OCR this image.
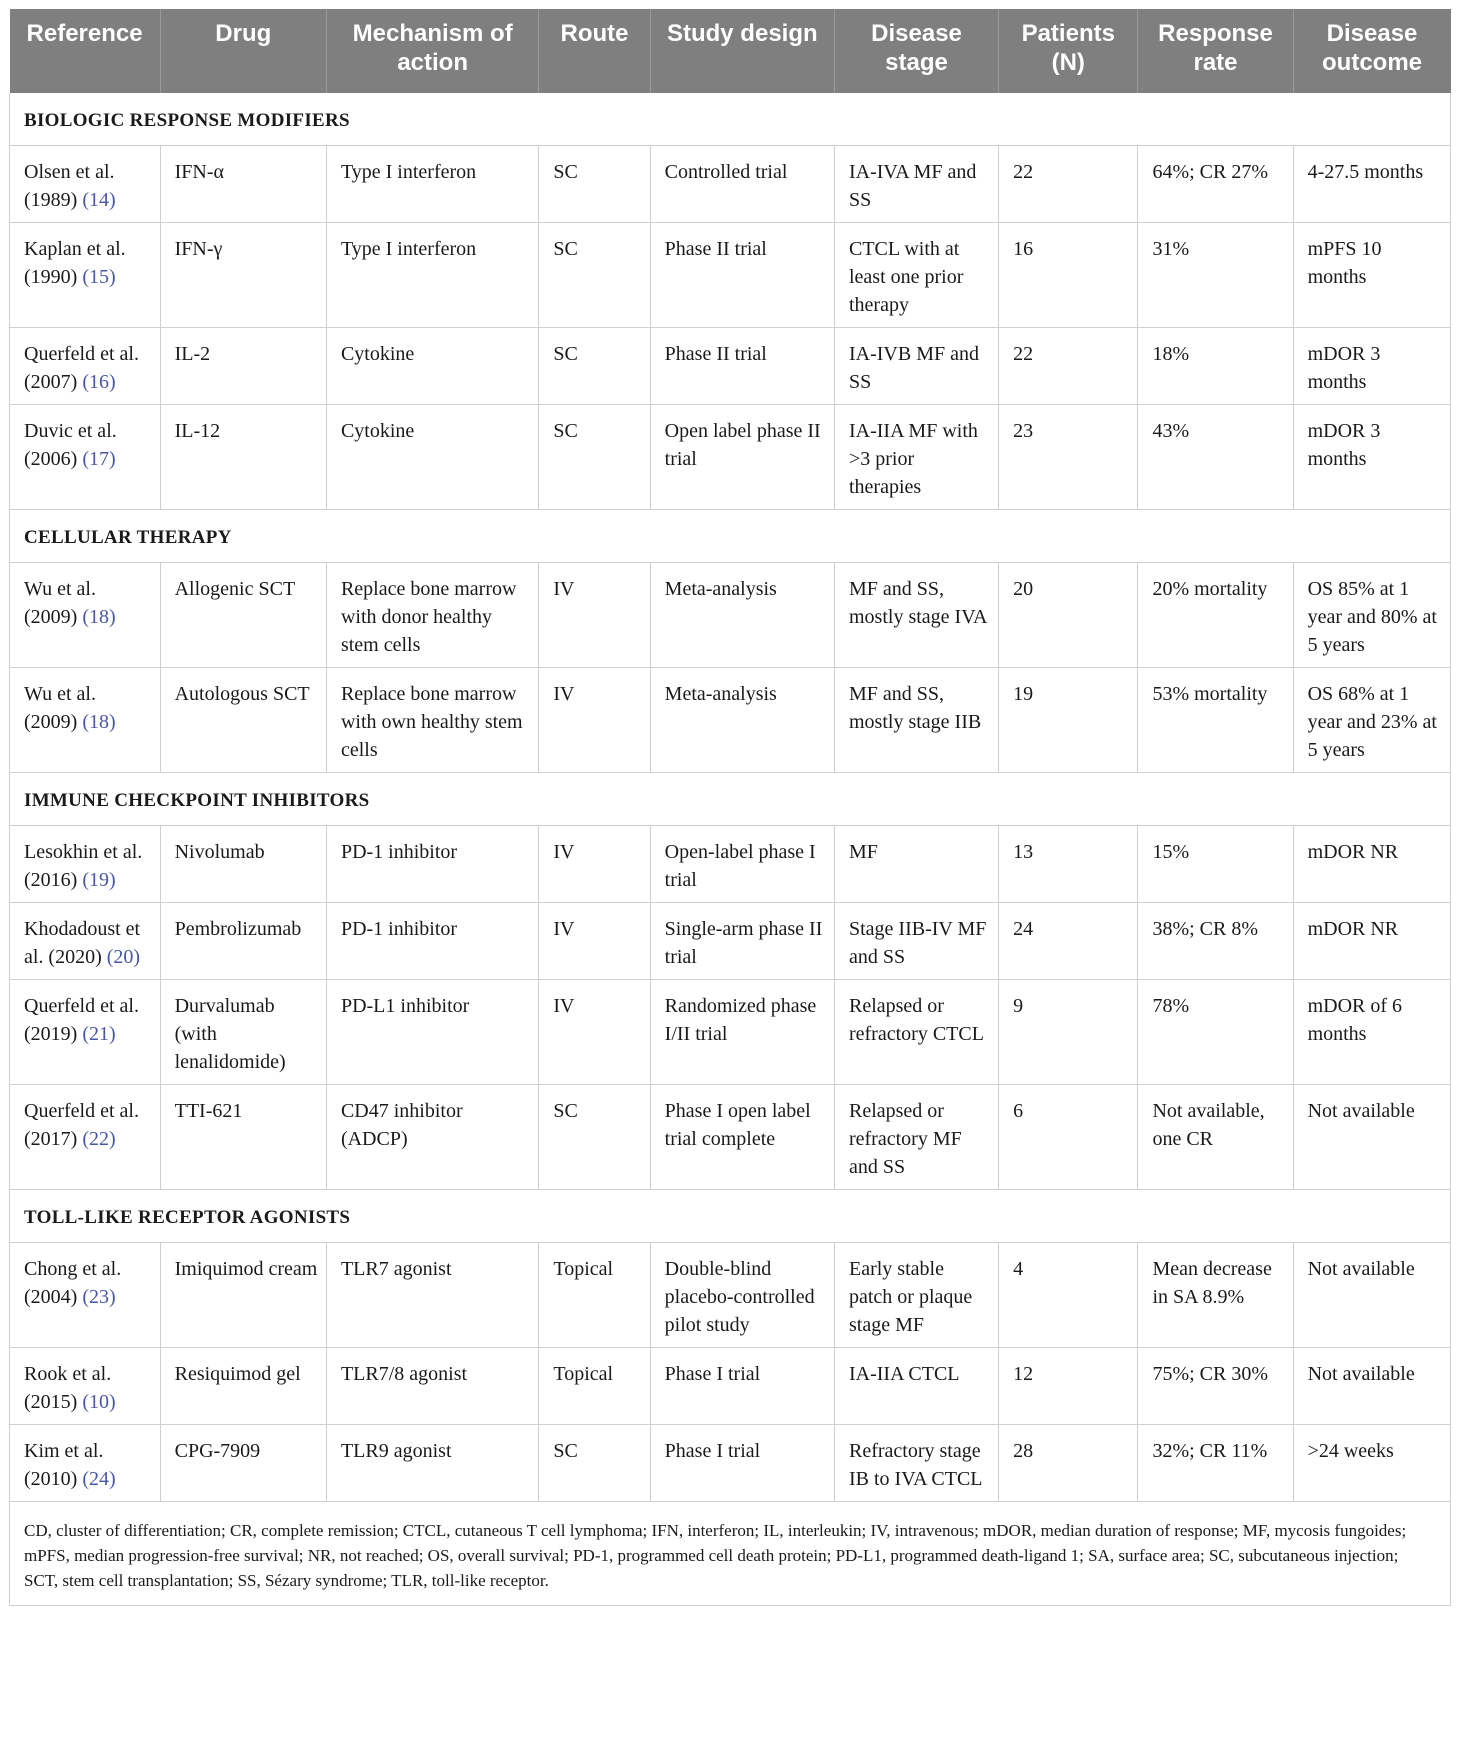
Reference	Drug	Mechanism of action	Route	Study design	Disease stage	Patients (N)	Response rate	Disease outcome
BIOLOGIC RESPONSE MODIFIERS								
Olsen et al. (1989) (14)	IFN-α	Type I interferon	SC	Controlled trial	IA-IVA MF and SS	22	64%; CR 27%	4-27.5 months
Kaplan et al. (1990) (15)	IFN-γ	Type I interferon	SC	Phase II trial	CTCL with at least one prior therapy	16	31%	mPFS 10 months
Querfeld et al. (2007) (16)	IL-2	Cytokine	SC	Phase II trial	IA-IVB MF and SS	22	18%	mDOR 3 months
Duvic et al. (2006) (17)	IL-12	Cytokine	SC	Open label phase II trial	IA-IIA MF with >3 prior therapies	23	43%	mDOR 3 months
CELLULAR THERAPY								
Wu et al. (2009) (18)	Allogenic SCT	Replace bone marrow with donor healthy stem cells	IV	Meta-analysis	MF and SS, mostly stage IVA	20	20% mortality	OS 85% at 1 year and 80% at 5 years
Wu et al. (2009) (18)	Autologous SCT	Replace bone marrow with own healthy stem cells	IV	Meta-analysis	MF and SS, mostly stage IIB	19	53% mortality	OS 68% at 1 year and 23% at 5 years
IMMUNE CHECKPOINT INHIBITORS								
Lesokhin et al. (2016) (19)	Nivolumab	PD-1 inhibitor	IV	Open-label phase I trial	MF	13	15%	mDOR NR
Khodadoust et al. (2020) (20)	Pembrolizumab	PD-1 inhibitor	IV	Single-arm phase II trial	Stage IIB-IV MF and SS	24	38%; CR 8%	mDOR NR
Querfeld et al. (2019) (21)	Durvalumab (with lenalidomide)	PD-L1 inhibitor	IV	Randomized phase I/II trial	Relapsed or refractory CTCL	9	78%	mDOR of 6 months
Querfeld et al. (2017) (22)	TTI-621	CD47 inhibitor (ADCP)	SC	Phase I open label trial complete	Relapsed or refractory MF and SS	6	Not available, one CR	Not available
TOLL-LIKE RECEPTOR AGONISTS								
Chong et al. (2004) (23)	Imiquimod cream	TLR7 agonist	Topical	Double-blind placebo-controlled pilot study	Early stable patch or plaque stage MF	4	Mean decrease in SA 8.9%	Not available
Rook et al. (2015) (10)	Resiquimod gel	TLR7/8 agonist	Topical	Phase I trial	IA-IIA CTCL	12	75%; CR 30%	Not available
Kim et al. (2010) (24)	CPG-7909	TLR9 agonist	SC	Phase I trial	Refractory stage IB to IVA CTCL	28	32%; CR 11%	>24 weeks
CD, cluster of differentiation; CR, complete remission; CTCL, cutaneous T cell lymphoma; IFN, interferon; IL, interleukin; IV, intravenous; mDOR, median duration of response; MF, mycosis fungoides; mPFS, median progression-free survival; NR, not reached; OS, overall survival; PD-1, programmed cell death protein; PD-L1, programmed death-ligand 1; SA, surface area; SC, subcutaneous injection; SCT, stem cell transplantation; SS, Sézary syndrome; TLR, toll-like receptor.								
